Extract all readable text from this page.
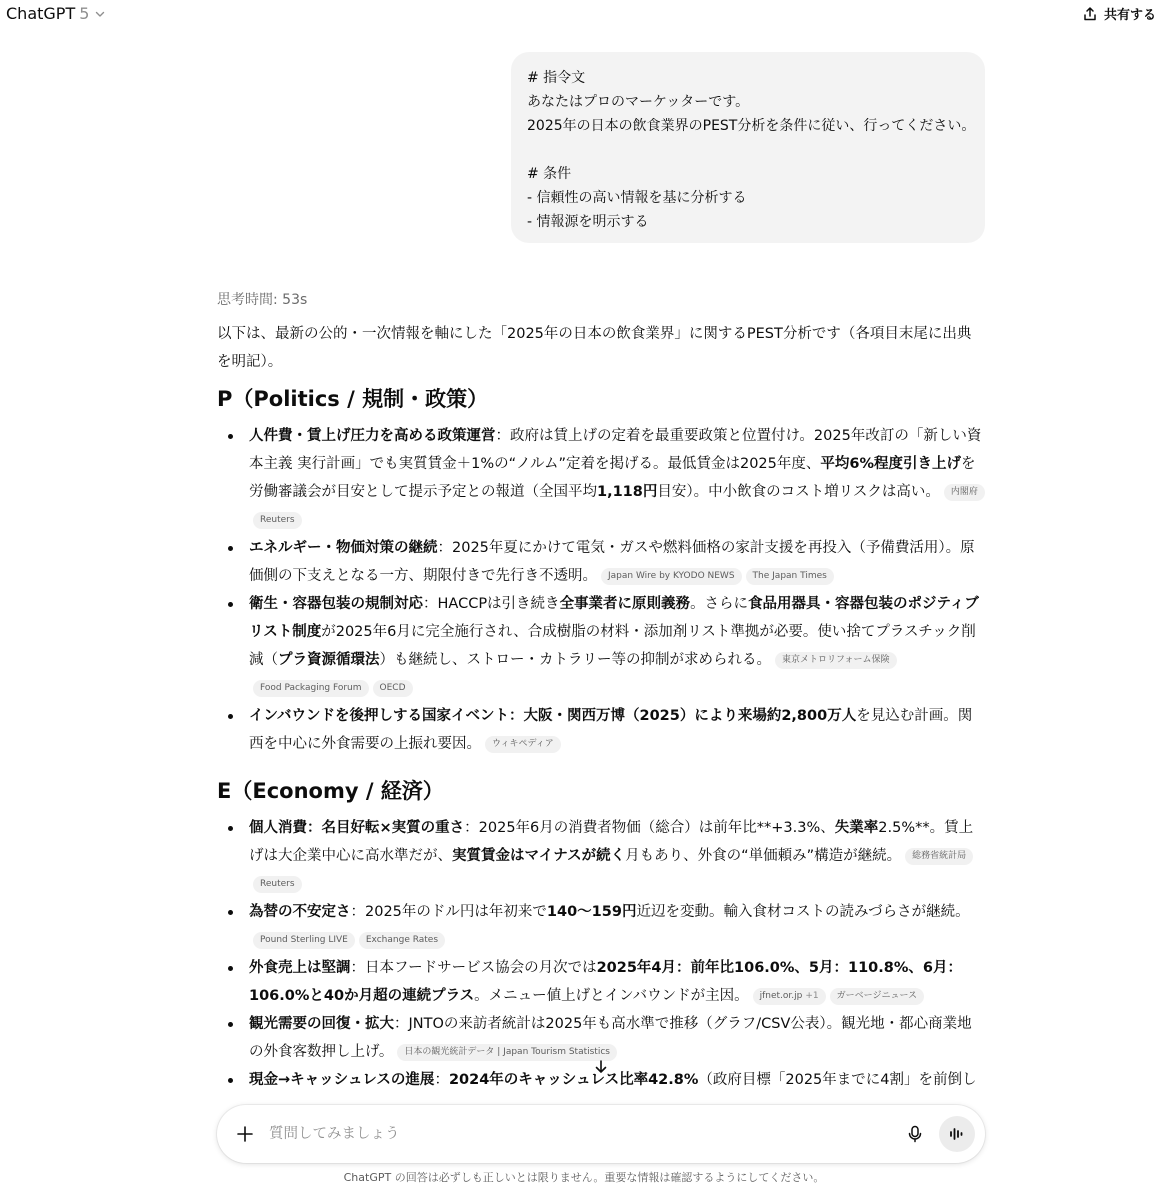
ChatGPT 5	共有する
# 指令文
あなたはプロのマーケッターです。
2025年の日本の飲食業界のPEST分析を条件に従い、行ってください。
# 条件
- 信頼性の高い情報を基に分析する
- 情報源を明示する
思考時間: 53s

以下は、最新の公的・一次情報を軸にした「2025年の日本の飲食業界」に関するPEST分析です（各項目末尾に出典を明記）。

P（Politics / 規制・政策）
人件費・賃上げ圧力を高める政策運営：政府は賃上げの定着を最重要政策と位置付け。2025年改訂の「新しい資本主義 実行計画」でも実質賃金＋1%の“ノルム”定着を掲げる。最低賃金は2025年度、平均6%程度引き上げを労働審議会が目安として提示予定との報道（全国平均1,118円目安）。中小飲食のコスト増リスクは高い。 内閣府 Reuters
エネルギー・物価対策の継続：2025年夏にかけて電気・ガスや燃料価格の家計支援を再投入（予備費活用）。原価側の下支えとなる一方、期限付きで先行き不透明。 Japan Wire by KYODO NEWS The Japan Times
衛生・容器包装の規制対応：HACCPは引き続き全事業者に原則義務。さらに食品用器具・容器包装のポジティブリスト制度が2025年6月に完全施行され、合成樹脂の材料・添加剤リスト準拠が必要。使い捨てプラスチック削減（プラ資源循環法）も継続し、ストロー・カトラリー等の抑制が求められる。 東京メトロリフォーム保険Food Packaging Forum OECD
インバウンドを後押しする国家イベント：大阪・関西万博（2025）により来場約2,800万人を見込む計画。関西を中心に外食需要の上振れ要因。 ウィキペディア
E（Economy / 経済）
個人消費：名目好転×実質の重さ：2025年6月の消費者物価（総合）は前年比**+3.3%、失業率2.5%**。賃上げは大企業中心に高水準だが、実質賃金はマイナスが続く月もあり、外食の“単価頼み”構造が継続。 総務省統計局 Reuters
為替の不安定さ：2025年のドル円は年初来で140〜159円近辺を変動。輸入食材コストの読みづらさが継続。 Pound Sterling LIVE Exchange Rates
外食売上は堅調：日本フードサービス協会の月次では2025年4月：前年比106.0%、5月：110.8%、6月：106.0%と40か月超の連続プラス。メニュー値上げとインバウンドが主因。 jfnet.or.jp +1 ガーベージニュース
観光需要の回復・拡大：JNTOの来訪者統計は2025年も高水準で推移（グラフ/CSV公表）。観光地・都心商業地の外食客数押し上げ。 日本の観光統計データ | Japan Tourism Statistics
現金→キャッシュレスの進展：2024年のキャッシュレス比率42.8%（政府目標「2025年までに4割」を前倒し
質問してみましょう
ChatGPT の回答は必ずしも正しいとは限りません。重要な情報は確認するようにしてください。
